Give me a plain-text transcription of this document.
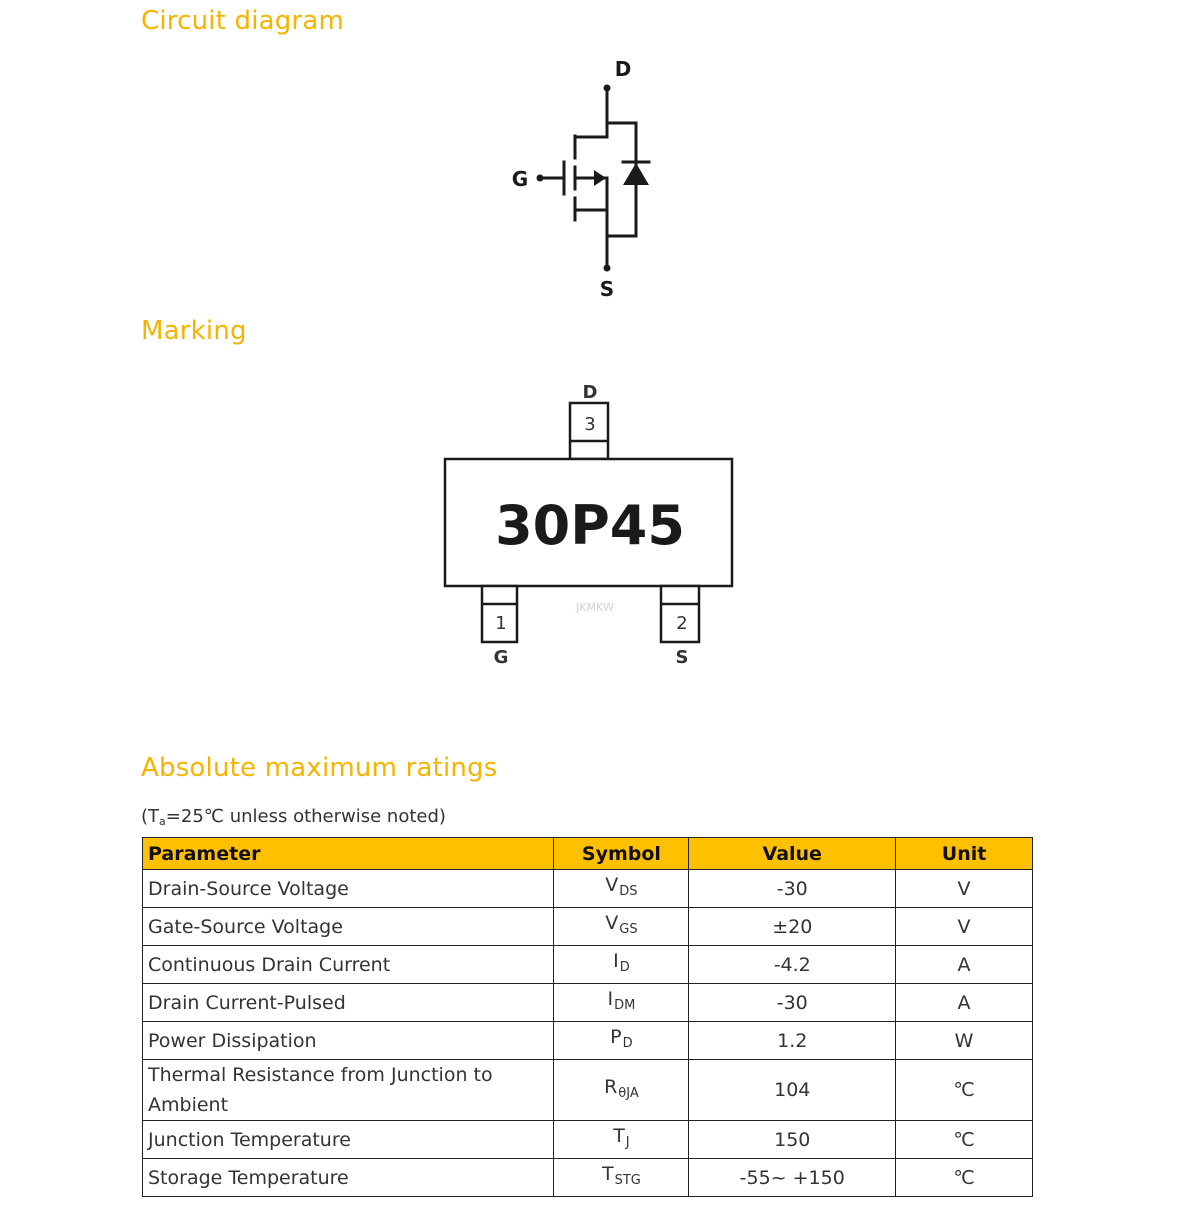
Circuit diagram
Marking
Absolute maximum ratings
D
G
S
D
3
30P45
JKMKW
1
G
2
S
($T_a=25℃$ unless otherwise noted)
Parameter	Symbol	Value	Unit
Drain-Source Voltage	$V_{DS}$	-30	V
Gate-Source Voltage	$V_{GS}$	±20	V
Continuous Drain Current	$I_D$	-4.2	A
Drain Current-Pulsed	$I_{DM}$	-30	A
Power Dissipation	$P_D$	1.2	W
Thermal Resistance from Junction to Ambient	$R_{\theta JA}$	104	℃
Junction Temperature	$T_J$	150	℃
Storage Temperature	$T_{STG}$	-55~ +150	℃
